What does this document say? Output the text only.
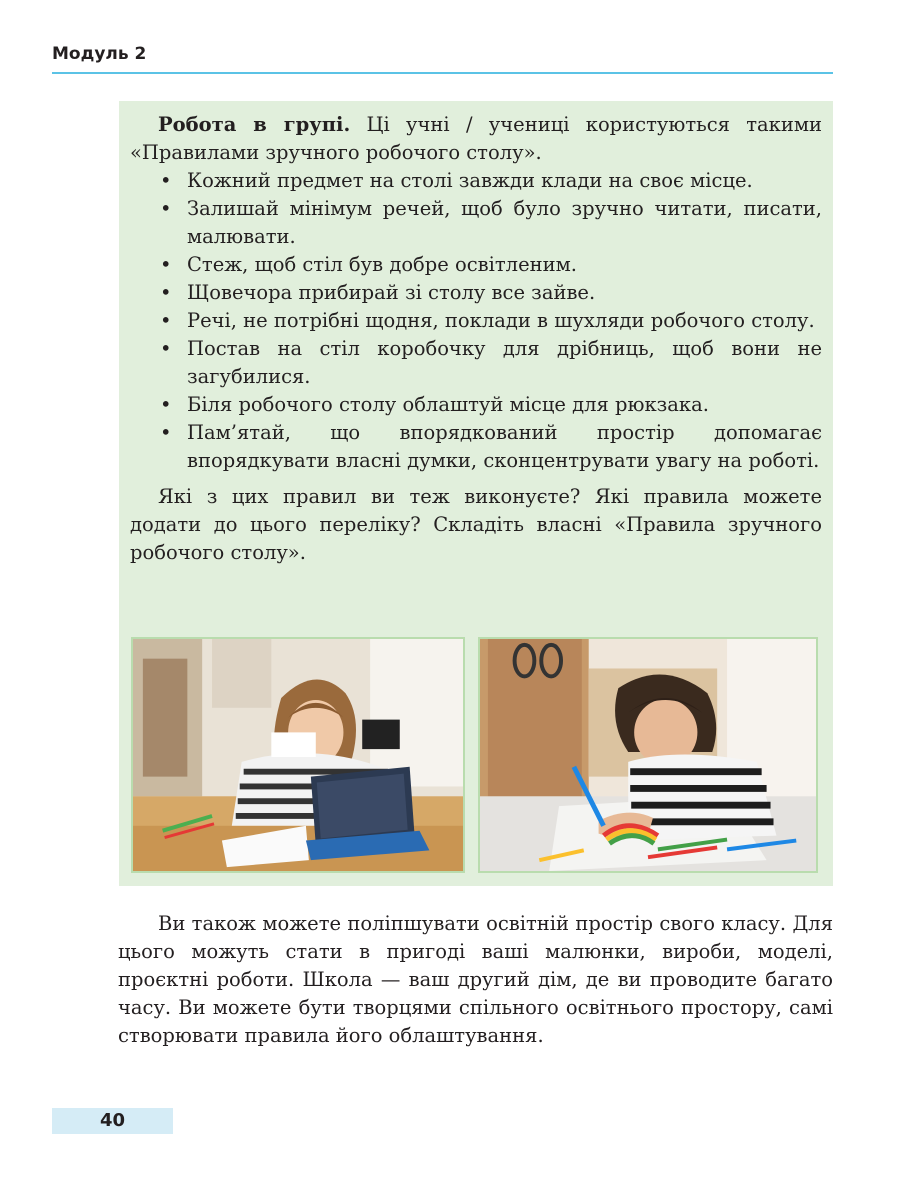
Модуль 2

Робота в групі. Ці учні / учениці користуються такими «Правилами зручного робочого столу».

• Кожний предмет на столі завжди клади на своє місце.
• Залишай мінімум речей, щоб було зручно читати, писати, малювати.
• Стеж, щоб стіл був добре освітленим.
• Щовечора прибирай зі столу все зайве.
• Речі, не потрібні щодня, поклади в шухляди робочого столу.
• Постав на стіл коробочку для дрібниць, щоб вони не загубилися.
• Біля робочого столу облаштуй місце для рюкзака.
• Пам’ятай, що впорядкований простір допомагає впорядкувати власні думки, сконцентрувати увагу на роботі.

Які з цих правил ви теж виконуєте? Які правила можете додати до цього переліку? Складіть власні «Правила зручного робочого столу».

Ви також можете поліпшувати освітній простір свого класу. Для цього можуть стати в пригоді ваші малюнки, вироби, моделі, проєктні роботи. Школа — ваш другий дім, де ви проводите багато часу. Ви можете бути творцями спільного освітнього простору, самі створювати правила його облаштування.

40
